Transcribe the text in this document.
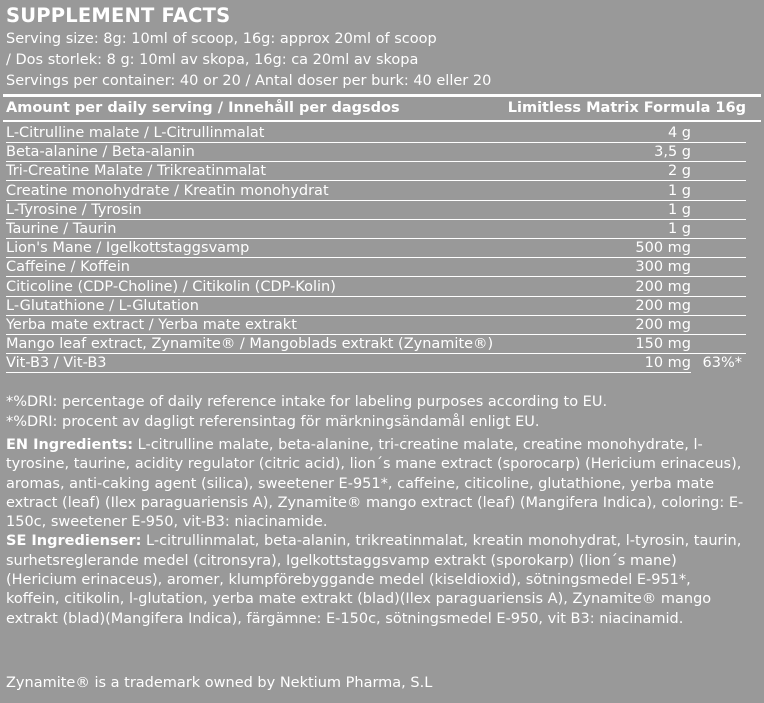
SUPPLEMENT FACTS
Serving size: 8g: 10ml of scoop, 16g: approx 20ml of scoop
/ Dos storlek: 8 g: 10ml av skopa, 16g: ca 20ml av skopa
Servings per container: 40 or 20 / Antal doser per burk: 40 eller 20
Amount per daily serving / Innehåll per dagsdos	Limitless Matrix Formula 16g
L-Citrulline malate / L-Citrullinmalat	4 g
Beta-alanine / Beta-alanin	3,5 g
Tri-Creatine Malate / Trikreatinmalat	2 g
Creatine monohydrate / Kreatin monohydrat	1 g
L-Tyrosine / Tyrosin	1 g
Taurine / Taurin	1 g
Lion's Mane / Igelkottstaggsvamp	500 mg
Caffeine / Koffein	300 mg
Citicoline (CDP-Choline) / Citikolin (CDP-Kolin)	200 mg
L-Glutathione / L-Glutation	200 mg
Yerba mate extract / Yerba mate extrakt	200 mg
Mango leaf extract, Zynamite® / Mangoblads extrakt (Zynamite®)	150 mg
Vit-B3 / Vit-B3	10 mg 63%*
*%DRI: percentage of daily reference intake for labeling purposes according to EU.
*%DRI: procent av dagligt referensintag för märkningsändamål enligt EU.

EN Ingredients: L-citrulline malate, beta-alanine, tri-creatine malate, creatine monohydrate, l-tyrosine, taurine, acidity regulator (citric acid), lion´s mane extract (sporocarp) (Hericium erinaceus), aromas, anti-caking agent (silica), sweetener E-951*, caffeine, citicoline, glutathione, yerba mate extract (leaf) (Ilex paraguariensis A), Zynamite® mango extract (leaf) (Mangifera Indica), coloring: E-150c, sweetener E-950, vit-B3: niacinamide.

SE Ingredienser: L-citrullinmalat, beta-alanin, trikreatinmalat, kreatin monohydrat, l-tyrosin, taurin, surhetsreglerande medel (citronsyra), Igelkottstaggsvamp extrakt (sporokarp) (lion´s mane) (Hericium erinaceus), aromer, klumpförebyggande medel (kiseldioxid), sötningsmedel E-951*, koffein, citikolin, l-glutation, yerba mate extrakt (blad)(Ilex paraguariensis A), Zynamite® mango extrakt (blad)(Mangifera Indica), färgämne: E-150c, sötningsmedel E-950, vit B3: niacinamid.

Zynamite® is a trademark owned by Nektium Pharma, S.L
